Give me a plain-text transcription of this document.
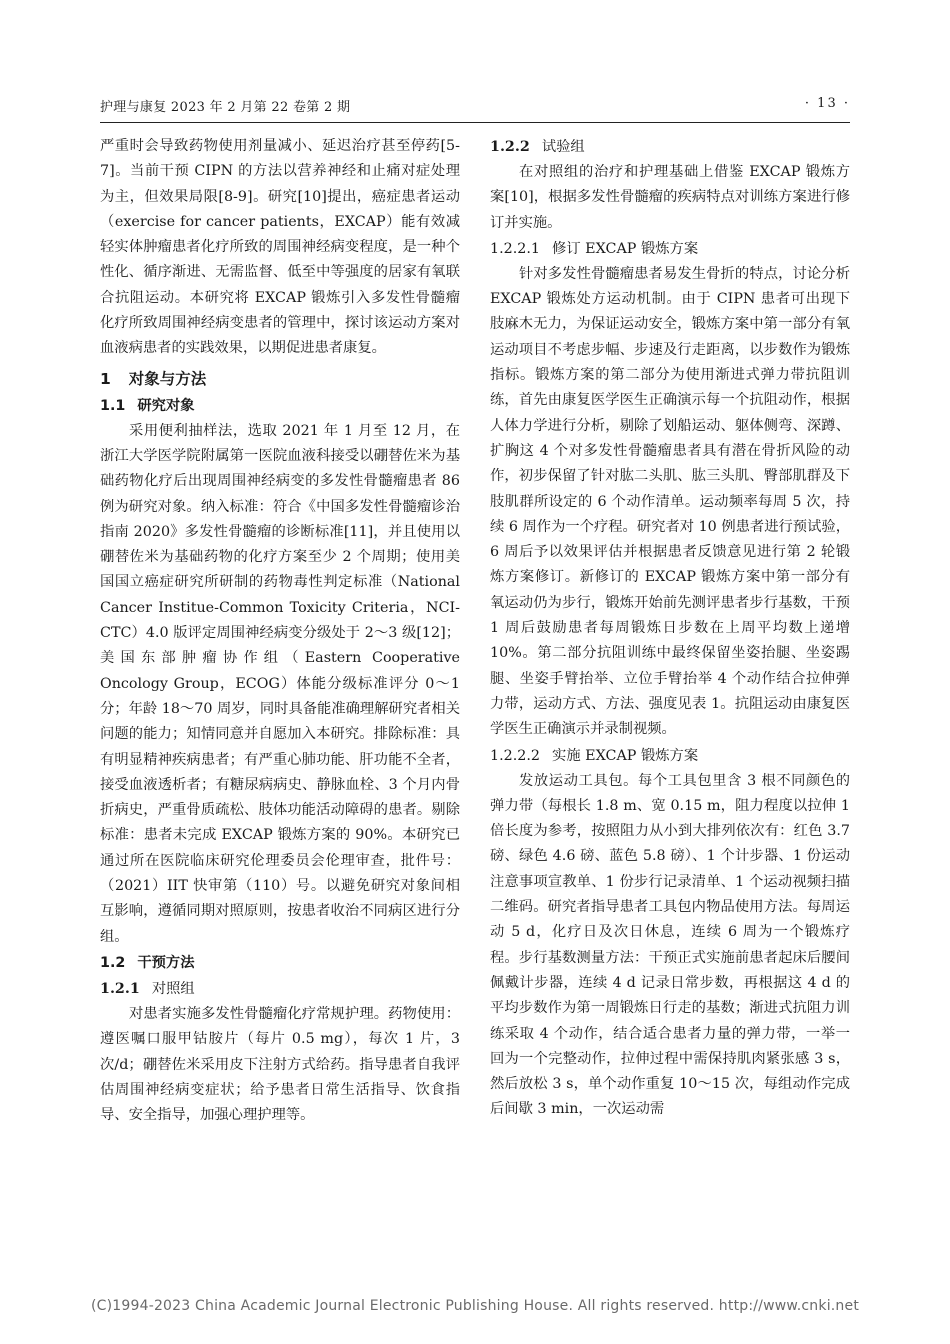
护理与康复 2023 年 2 月第 22 卷第 2 期	· 13 ·

严重时会导致药物使用剂量减小、延迟治疗甚至停药[5-7]。当前干预 CIPN 的方法以营养神经和止痛对症处理为主，但效果局限[8-9]。研究[10]提出，癌症患者运动（exercise for cancer patients，EXCAP）能有效减轻实体肿瘤患者化疗所致的周围神经病变程度，是一种个性化、循序渐进、无需监督、低至中等强度的居家有氧联合抗阻运动。本研究将 EXCAP 锻炼引入多发性骨髓瘤化疗所致周围神经病变患者的管理中，探讨该运动方案对血液病患者的实践效果，以期促进患者康复。

1 对象与方法
1.1 研究对象

采用便利抽样法，选取 2021 年 1 月至 12 月，在浙江大学医学院附属第一医院血液科接受以硼替佐米为基础药物化疗后出现周围神经病变的多发性骨髓瘤患者 86 例为研究对象。纳入标准：符合《中国多发性骨髓瘤诊治指南 2020》多发性骨髓瘤的诊断标准[11]，并且使用以硼替佐米为基础药物的化疗方案至少 2 个周期；使用美国国立癌症研究所研制的药物毒性判定标准（National Cancer Institue-Common Toxicity Criteria，NCI-CTC）4.0 版评定周围神经病变分级处于 2～3 级[12]；美国东部肿瘤协作组（Eastern Cooperative Oncology Group，ECOG）体能分级标准评分 0～1 分；年龄 18～70 周岁，同时具备能准确理解研究者相关问题的能力；知情同意并自愿加入本研究。排除标准：具有明显精神疾病患者；有严重心肺功能、肝功能不全者，接受血液透析者；有糖尿病病史、静脉血栓、3 个月内骨折病史，严重骨质疏松、肢体功能活动障碍的患者。剔除标准：患者未完成 EXCAP 锻炼方案的 90%。本研究已通过所在医院临床研究伦理委员会伦理审查，批件号：（2021）IIT 快审第（110）号。以避免研究对象间相互影响，遵循同期对照原则，按患者收治不同病区进行分组。

1.2 干预方法
1.2.1 对照组

对患者实施多发性骨髓瘤化疗常规护理。药物使用：遵医嘱口服甲钴胺片（每片 0.5 mg），每次 1 片，3 次/d；硼替佐米采用皮下注射方式给药。指导患者自我评估周围神经病变症状；给予患者日常生活指导、饮食指导、安全指导，加强心理护理等。

1.2.2 试验组

在对照组的治疗和护理基础上借鉴 EXCAP 锻炼方案[10]，根据多发性骨髓瘤的疾病特点对训练方案进行修订并实施。

1.2.2.1 修订 EXCAP 锻炼方案

针对多发性骨髓瘤患者易发生骨折的特点，讨论分析 EXCAP 锻炼处方运动机制。由于 CIPN 患者可出现下肢麻木无力，为保证运动安全，锻炼方案中第一部分有氧运动项目不考虑步幅、步速及行走距离，以步数作为锻炼指标。锻炼方案的第二部分为使用渐进式弹力带抗阻训练，首先由康复医学医生正确演示每一个抗阻动作，根据人体力学进行分析，剔除了划船运动、躯体侧弯、深蹲、扩胸这 4 个对多发性骨髓瘤患者具有潜在骨折风险的动作，初步保留了针对肱二头肌、肱三头肌、臀部肌群及下肢肌群所设定的 6 个动作清单。运动频率每周 5 次，持续 6 周作为一个疗程。研究者对 10 例患者进行预试验，6 周后予以效果评估并根据患者反馈意见进行第 2 轮锻炼方案修订。新修订的 EXCAP 锻炼方案中第一部分有氧运动仍为步行，锻炼开始前先测评患者步行基数，干预 1 周后鼓励患者每周锻炼日步数在上周平均数上递增 10%。第二部分抗阻训练中最终保留坐姿抬腿、坐姿踢腿、坐姿手臂抬举、立位手臂抬举 4 个动作结合拉伸弹力带，运动方式、方法、强度见表 1。抗阻运动由康复医学医生正确演示并录制视频。

1.2.2.2 实施 EXCAP 锻炼方案

发放运动工具包。每个工具包里含 3 根不同颜色的弹力带（每根长 1.8 m、宽 0.15 m，阻力程度以拉伸 1 倍长度为参考，按照阻力从小到大排列依次有：红色 3.7 磅、绿色 4.6 磅、蓝色 5.8 磅）、1 个计步器、1 份运动注意事项宣教单、1 份步行记录清单、1 个运动视频扫描二维码。研究者指导患者工具包内物品使用方法。每周运动 5 d，化疗日及次日休息，连续 6 周为一个锻炼疗程。步行基数测量方法：干预正式实施前患者起床后腰间佩戴计步器，连续 4 d 记录日常步数，再根据这 4 d 的平均步数作为第一周锻炼日行走的基数；渐进式抗阻力训练采取 4 个动作，结合适合患者力量的弹力带，一举一回为一个完整动作，拉伸过程中需保持肌肉紧张感 3 s，然后放松 3 s，单个动作重复 10～15 次，每组动作完成后间歇 3 min，一次运动需

(C)1994-2023 China Academic Journal Electronic Publishing House. All rights reserved. http://www.cnki.net
